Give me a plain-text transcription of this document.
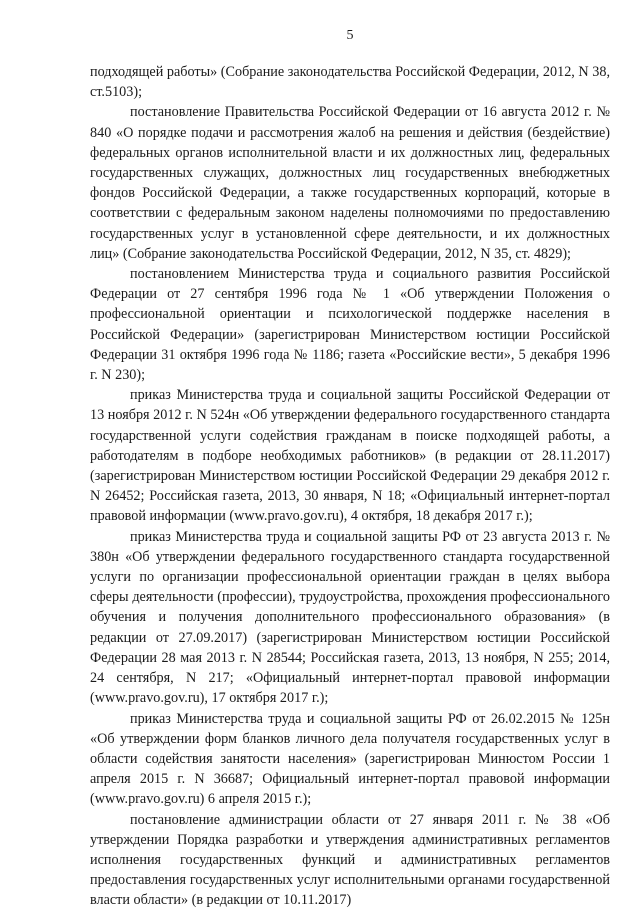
5

подходящей работы» (Собрание законодательства Российской Федерации, 2012, N 38, ст.5103);

постановление Правительства Российской Федерации от 16 августа 2012 г. № 840 «О порядке подачи и рассмотрения жалоб на решения и действия (бездействие) федеральных органов исполнительной власти и их должностных лиц, федеральных государственных служащих, должностных лиц государственных внебюджетных фондов Российской Федерации, а также государственных корпораций, которые в соответствии с федеральным законом наделены полномочиями по предоставлению государственных услуг в установленной сфере деятельности, и их должностных лиц» (Собрание законодательства Российской Федерации, 2012, N 35, ст. 4829);

постановлением Министерства труда и социального развития Российской Федерации от 27 сентября 1996 года № 1 «Об утверждении Положения о профессиональной ориентации и психологической поддержке населения в Российской Федерации» (зарегистрирован Министерством юстиции Российской Федерации 31 октября 1996 года № 1186; газета «Российские вести», 5 декабря 1996 г. N 230);

приказ Министерства труда и социальной защиты Российской Федерации от 13 ноября 2012 г. N 524н «Об утверждении федерального государственного стандарта государственной услуги содействия гражданам в поиске подходящей работы, а работодателям в подборе необходимых работников» (в редакции от 28.11.2017) (зарегистрирован Министерством юстиции Российской Федерации 29 декабря 2012 г. N 26452; Российская газета, 2013, 30 января, N 18; «Официальный интернет-портал правовой информации (www.pravo.gov.ru), 4 октября, 18 декабря 2017 г.);

приказ Министерства труда и социальной защиты РФ от 23 августа 2013 г. № 380н «Об утверждении федерального государственного стандарта государственной услуги по организации профессиональной ориентации граждан в целях выбора сферы деятельности (профессии), трудоустройства, прохождения профессионального обучения и получения дополнительного профессионального образования» (в редакции от 27.09.2017) (зарегистрирован Министерством юстиции Российской Федерации 28 мая 2013 г. N 28544; Российская газета, 2013, 13 ноября, N 255; 2014, 24 сентября, N 217; «Официальный интернет-портал правовой информации (www.pravo.gov.ru), 17 октября 2017 г.);

приказ Министерства труда и социальной защиты РФ от 26.02.2015 № 125н «Об утверждении форм бланков личного дела получателя государственных услуг в области содействия занятости населения» (зарегистрирован Минюстом России 1 апреля 2015 г. N 36687; Официальный интернет-портал правовой информации (www.pravo.gov.ru) 6 апреля 2015 г.);

постановление администрации области от 27 января 2011 г. № 38 «Об утверждении Порядка разработки и утверждения административных регламентов исполнения государственных функций и административных регламентов предоставления государственных услуг исполнительными органами государственной власти области» (в редакции от 10.11.2017)
